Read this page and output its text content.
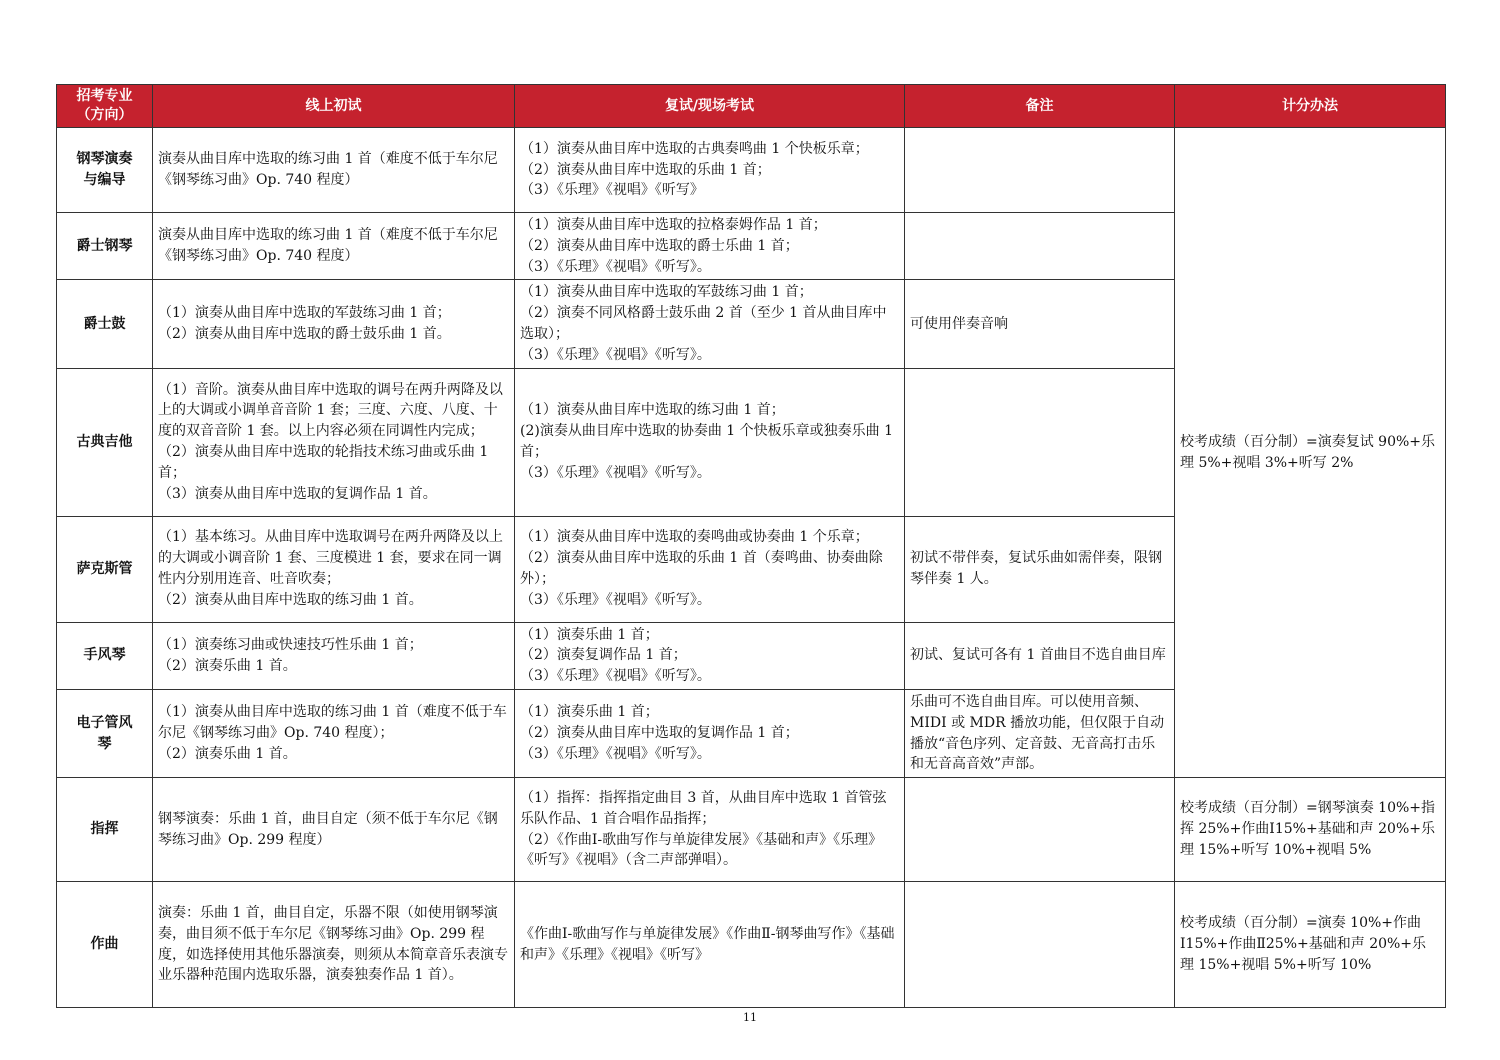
招考专业
（方向）	线上初试	复试/现场考试	备注	计分办法
钢琴演奏
与编导	演奏从曲目库中选取的练习曲 1 首（难度不低于车尔尼《钢琴练习曲》Op. 740 程度）	（1）演奏从曲目库中选取的古典奏鸣曲 1 个快板乐章；
（2）演奏从曲目库中选取的乐曲 1 首；
（3）《乐理》《视唱》《听写》		校考成绩（百分制）=演奏复试 90%+乐理 5%+视唱 3%+听写 2%
爵士钢琴	演奏从曲目库中选取的练习曲 1 首（难度不低于车尔尼《钢琴练习曲》Op. 740 程度）	（1）演奏从曲目库中选取的拉格泰姆作品 1 首；
（2）演奏从曲目库中选取的爵士乐曲 1 首；
（3）《乐理》《视唱》《听写》。		

爵士鼓	（1）演奏从曲目库中选取的军鼓练习曲 1 首；
（2）演奏从曲目库中选取的爵士鼓乐曲 1 首。	（1）演奏从曲目库中选取的军鼓练习曲 1 首；
（2）演奏不同风格爵士鼓乐曲 2 首（至少 1 首从曲目库中选取）；
（3）《乐理》《视唱》《听写》。	可使用伴奏音响	
古典吉他	（1）音阶。演奏从曲目库中选取的调号在两升两降及以上的大调或小调单音音阶 1 套；三度、六度、八度、十度的双音音阶 1 套。以上内容必须在同调性内完成；
（2）演奏从曲目库中选取的轮指技术练习曲或乐曲 1 首；
（3）演奏从曲目库中选取的复调作品 1 首。	（1）演奏从曲目库中选取的练习曲 1 首；
(2)演奏从曲目库中选取的协奏曲 1 个快板乐章或独奏乐曲 1 首；
（3）《乐理》《视唱》《听写》。		

萨克斯管	（1）基本练习。从曲目库中选取调号在两升两降及以上的大调或小调音阶 1 套、三度模进 1 套，要求在同一调性内分别用连音、吐音吹奏；
（2）演奏从曲目库中选取的练习曲 1 首。	（1）演奏从曲目库中选取的奏鸣曲或协奏曲 1 个乐章；
（2）演奏从曲目库中选取的乐曲 1 首（奏鸣曲、协奏曲除外）；
（3）《乐理》《视唱》《听写》。	初试不带伴奏，复试乐曲如需伴奏，限钢琴伴奏 1 人。	
手风琴	（1）演奏练习曲或快速技巧性乐曲 1 首；
（2）演奏乐曲 1 首。	（1）演奏乐曲 1 首；
（2）演奏复调作品 1 首；
（3）《乐理》《视唱》《听写》。	初试、复试可各有 1 首曲目不选自曲目库	
电子管风
琴	（1）演奏从曲目库中选取的练习曲 1 首（难度不低于车尔尼《钢琴练习曲》Op. 740 程度）；
（2）演奏乐曲 1 首。	（1）演奏乐曲 1 首；
（2）演奏从曲目库中选取的复调作品 1 首；
（3）《乐理》《视唱》《听写》。	乐曲可不选自曲目库。可以使用音频、MIDI 或 MDR 播放功能，但仅限于自动播放“音色序列、定音鼓、无音高打击乐和无音高音效”声部。	
指挥	钢琴演奏：乐曲 1 首，曲目自定（须不低于车尔尼《钢琴练习曲》Op. 299 程度）	（1）指挥：指挥指定曲目 3 首，从曲目库中选取 1 首管弦乐队作品、1 首合唱作品指挥；
（2）《作曲Ⅰ-歌曲写作与单旋律发展》《基础和声》《乐理》《听写》《视唱》（含二声部弹唱）。		校考成绩（百分制）=钢琴演奏 10%+指挥 25%+作曲Ⅰ15%+基础和声 20%+乐理 15%+听写 10%+视唱 5%
作曲	演奏：乐曲 1 首，曲目自定，乐器不限（如使用钢琴演奏，曲目须不低于车尔尼《钢琴练习曲》Op. 299 程度，如选择使用其他乐器演奏，则须从本简章音乐表演专业乐器种范围内选取乐器，演奏独奏作品 1 首）。	《作曲Ⅰ-歌曲写作与单旋律发展》《作曲Ⅱ-钢琴曲写作》《基础和声》《乐理》《视唱》《听写》		校考成绩（百分制）=演奏 10%+作曲Ⅰ15%+作曲Ⅱ25%+基础和声 20%+乐理 15%+视唱 5%+听写 10%
11
